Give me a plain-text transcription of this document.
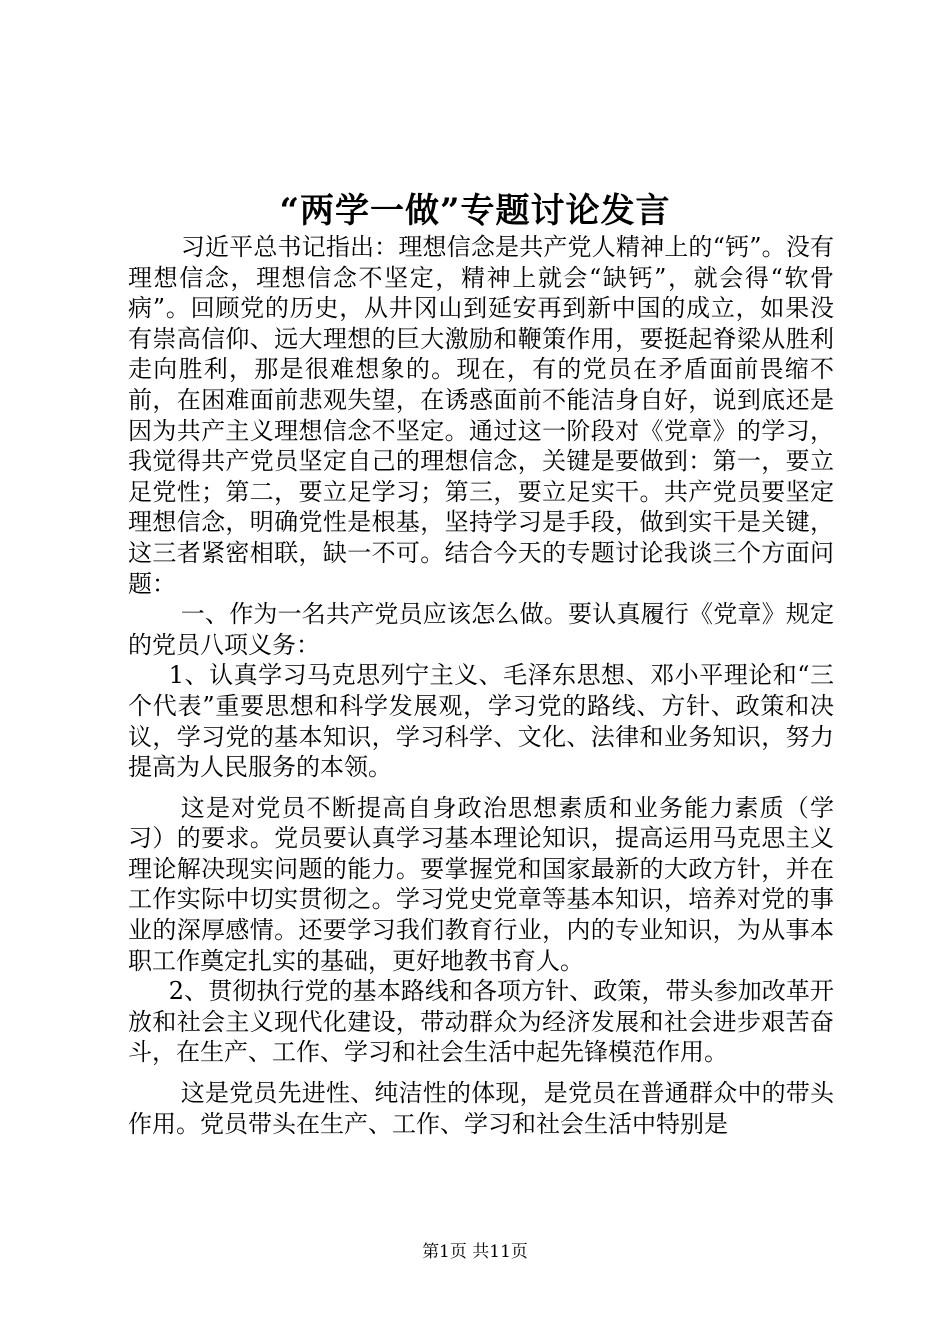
“两学一做”专题讨论发言

习近平总书记指出：理想信念是共产党人精神上的“钙”。没有理想信念，理想信念不坚定，精神上就会“缺钙”，就会得“软骨病”。回顾党的历史，从井冈山到延安再到新中国的成立，如果没有崇高信仰、远大理想的巨大激励和鞭策作用，要挺起脊梁从胜利走向胜利，那是很难想象的。现在，有的党员在矛盾面前畏缩不前，在困难面前悲观失望，在诱惑面前不能洁身自好，说到底还是因为共产主义理想信念不坚定。通过这一阶段对《党章》的学习，我觉得共产党员坚定自己的理想信念，关键是要做到：第一，要立足党性；第二，要立足学习；第三，要立足实干。共产党员要坚定理想信念，明确党性是根基，坚持学习是手段，做到实干是关键，这三者紧密相联，缺一不可。结合今天的专题讨论我谈三个方面问题：

一、作为一名共产党员应该怎么做。要认真履行《党章》规定的党员八项义务：

1、认真学习马克思列宁主义、毛泽东思想、邓小平理论和“三个代表”重要思想和科学发展观，学习党的路线、方针、政策和决议，学习党的基本知识，学习科学、文化、法律和业务知识，努力提高为人民服务的本领。

这是对党员不断提高自身政治思想素质和业务能力素质（学习）的要求。党员要认真学习基本理论知识，提高运用马克思主义理论解决现实问题的能力。要掌握党和国家最新的大政方针，并在工作实际中切实贯彻之。学习党史党章等基本知识，培养对党的事业的深厚感情。还要学习我们教育行业，内的专业知识，为从事本职工作奠定扎实的基础，更好地教书育人。

2、贯彻执行党的基本路线和各项方针、政策，带头参加改革开放和社会主义现代化建设，带动群众为经济发展和社会进步艰苦奋斗，在生产、工作、学习和社会生活中起先锋模范作用。

这是党员先进性、纯洁性的体现，是党员在普通群众中的带头作用。党员带头在生产、工作、学习和社会生活中特别是

第1页 共11页
